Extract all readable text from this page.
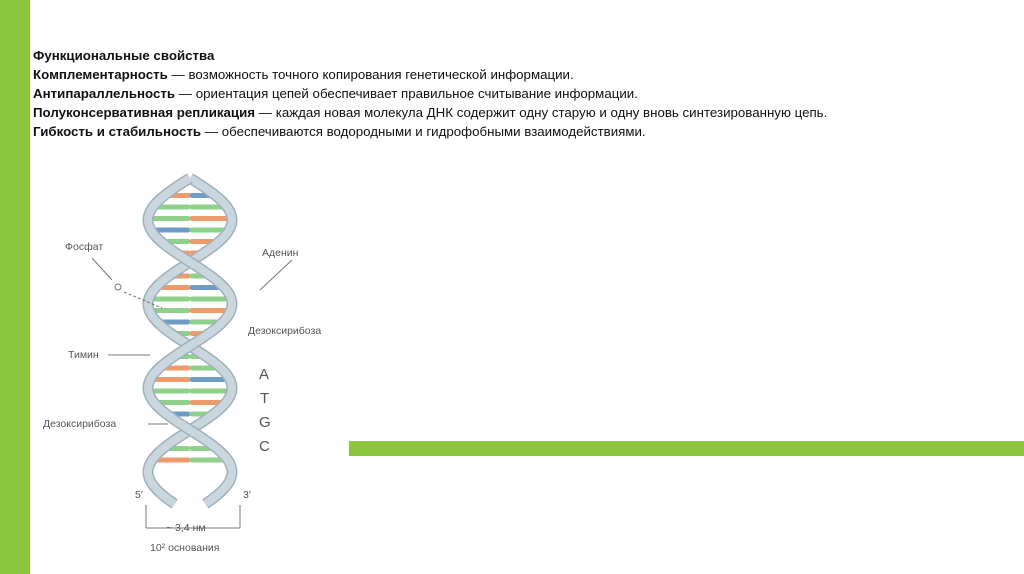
Функциональные свойства
Комплементарность — возможность точного копирования генетической информации.
Антипараллельность — ориентация цепей обеспечивает правильное считывание информации.
Полуконсервативная репликация — каждая новая молекула ДНК содержит одну старую и одну вновь синтезированную цепь.
Гибкость и стабильность — обеспечиваются водородными и гидрофобными взаимодействиями.
Фосфат	Аденин
Дезоксирибоза
Тимин
Дезоксирибоза
A
T
G
C
5′	3′
~ 3,4 нм
10² основания
